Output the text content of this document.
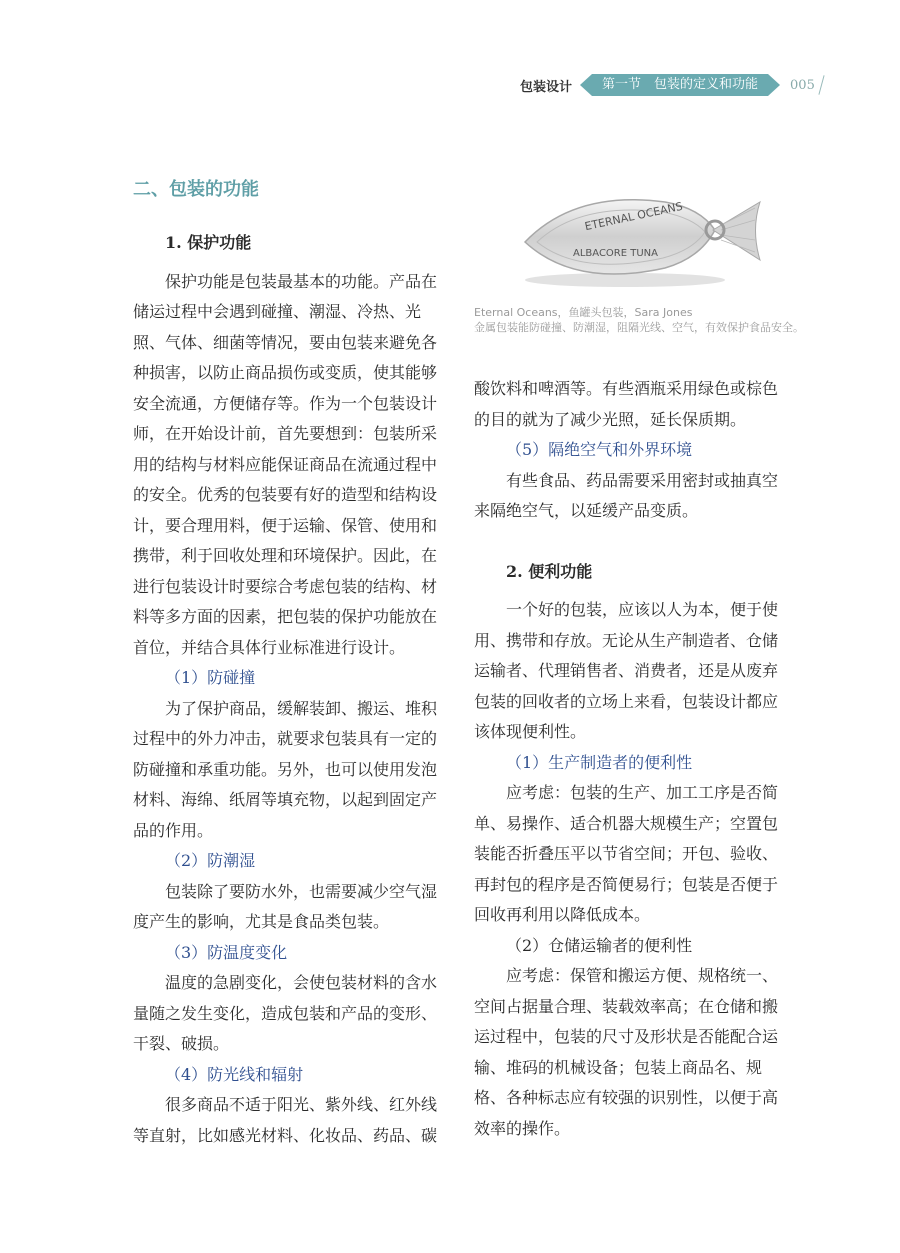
包装设计	第一节　包装的定义和功能	005

二、包装的功能

1. 保护功能

保护功能是包装最基本的功能。产品在储运过程中会遇到碰撞、潮湿、冷热、光照、气体、细菌等情况，要由包装来避免各种损害，以防止商品损伤或变质，使其能够安全流通，方便储存等。作为一个包装设计师，在开始设计前，首先要想到：包装所采用的结构与材料应能保证商品在流通过程中的安全。优秀的包装要有好的造型和结构设计，要合理用料，便于运输、保管、使用和携带，利于回收处理和环境保护。因此，在进行包装设计时要综合考虑包装的结构、材料等多方面的因素，把包装的保护功能放在首位，并结合具体行业标准进行设计。

（1）防碰撞

为了保护商品，缓解装卸、搬运、堆积过程中的外力冲击，就要求包装具有一定的防碰撞和承重功能。另外，也可以使用发泡材料、海绵、纸屑等填充物，以起到固定产品的作用。

（2）防潮湿

包装除了要防水外，也需要减少空气湿度产生的影响，尤其是食品类包装。

（3）防温度变化

温度的急剧变化，会使包装材料的含水量随之发生变化，造成包装和产品的变形、干裂、破损。

（4）防光线和辐射

很多商品不适于阳光、紫外线、红外线等直射，比如感光材料、化妆品、药品、碳

ETERNAL OCEANS
ALBACORE TUNA
Eternal Oceans，鱼罐头包装，Sara Jones
金属包装能防碰撞、防潮湿，阻隔光线、空气，有效保护食品安全。

酸饮料和啤酒等。有些酒瓶采用绿色或棕色的目的就为了减少光照，延长保质期。

（5）隔绝空气和外界环境

有些食品、药品需要采用密封或抽真空来隔绝空气，以延缓产品变质。

2. 便利功能

一个好的包装，应该以人为本，便于使用、携带和存放。无论从生产制造者、仓储运输者、代理销售者、消费者，还是从废弃包装的回收者的立场上来看，包装设计都应该体现便利性。

（1）生产制造者的便利性

应考虑：包装的生产、加工工序是否简单、易操作、适合机器大规模生产；空置包装能否折叠压平以节省空间；开包、验收、再封包的程序是否简便易行；包装是否便于回收再利用以降低成本。

（2）仓储运输者的便利性

应考虑：保管和搬运方便、规格统一、空间占据量合理、装载效率高；在仓储和搬运过程中，包装的尺寸及形状是否能配合运输、堆码的机械设备；包装上商品名、规格、各种标志应有较强的识别性，以便于高效率的操作。
